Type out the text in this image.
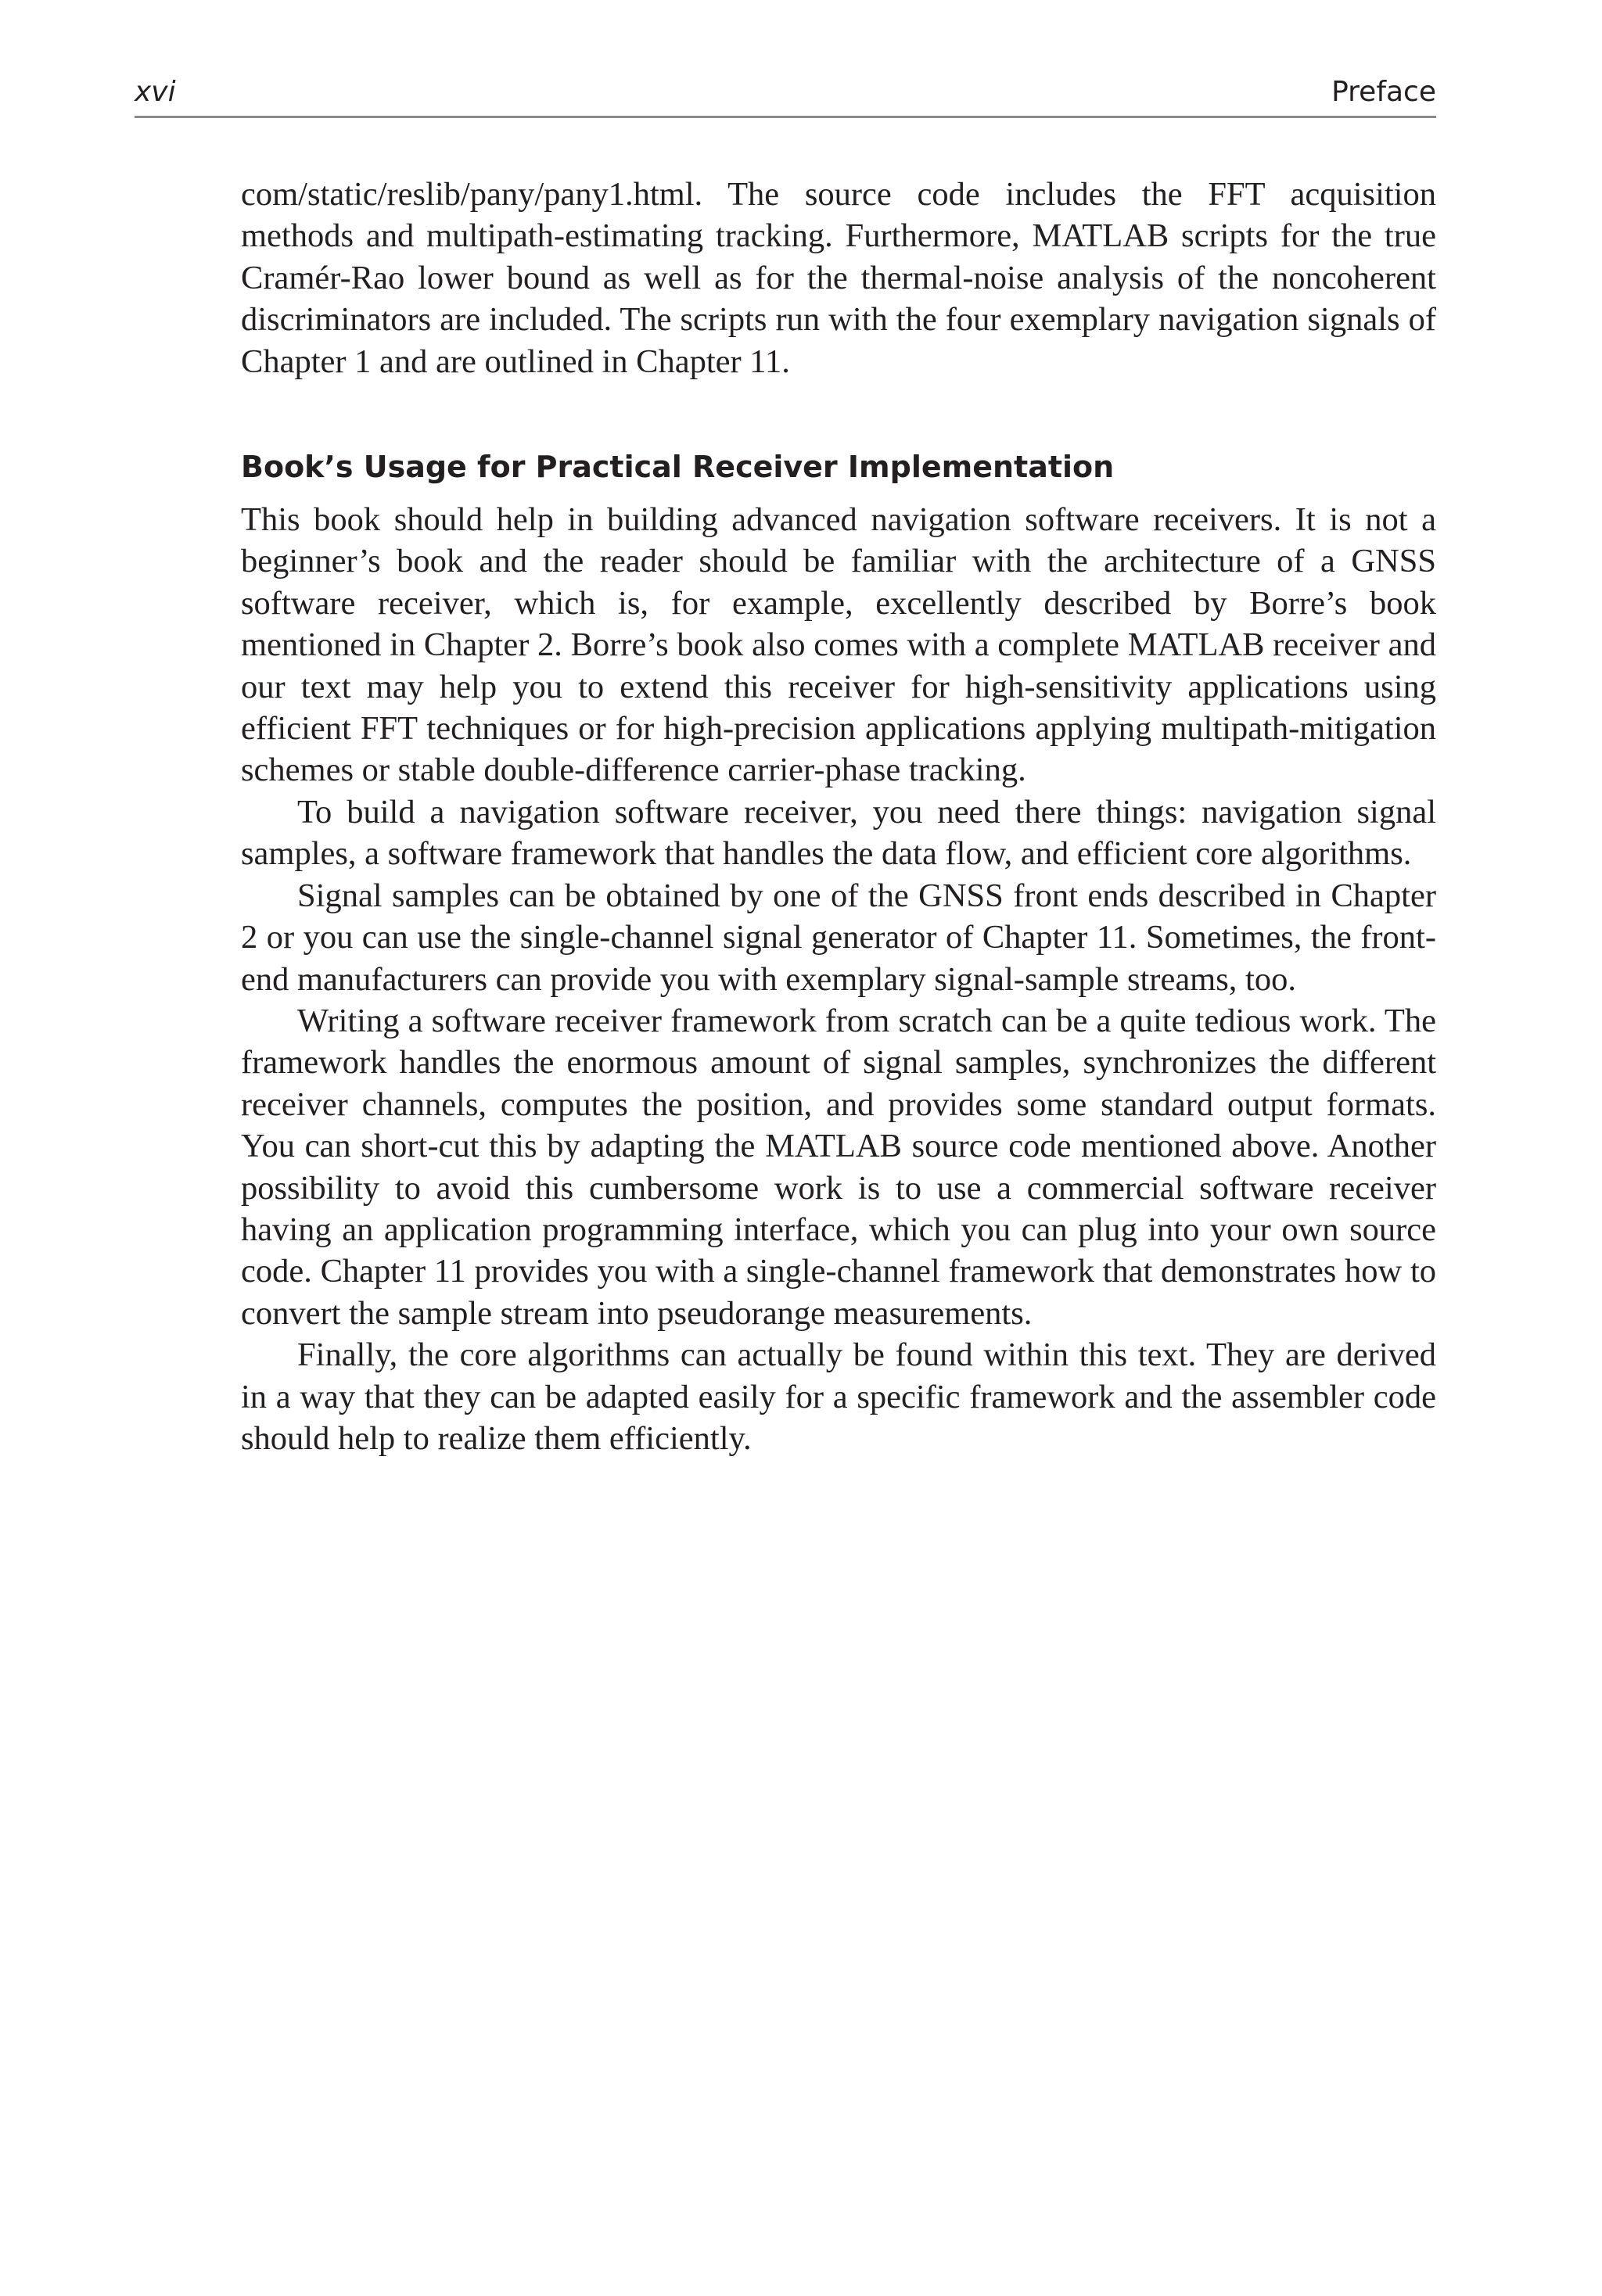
xvi	Preface

com/static/reslib/pany/pany1.html. The source code includes the FFT acquisition methods and multipath-estimating tracking. Furthermore, MATLAB scripts for the true Cramér-Rao lower bound as well as for the thermal-noise analysis of the noncoherent discriminators are included. The scripts run with the four exemplary navigation signals of Chapter 1 and are outlined in Chapter 11.

Book’s Usage for Practical Receiver Implementation

This book should help in building advanced navigation software receivers. It is not a beginner’s book and the reader should be familiar with the architecture of a GNSS software receiver, which is, for example, excellently described by Borre’s book mentioned in Chapter 2. Borre’s book also comes with a complete MATLAB receiver and our text may help you to extend this receiver for high-sensitivity applications using efficient FFT techniques or for high-precision applications applying multipath-mitigation schemes or stable double-difference carrier-phase tracking.

To build a navigation software receiver, you need there things: navigation signal samples, a software framework that handles the data flow, and efficient core algorithms.

Signal samples can be obtained by one of the GNSS front ends described in Chapter 2 or you can use the single-channel signal generator of Chapter 11. Sometimes, the front-end manufacturers can provide you with exemplary signal-sample streams, too.

Writing a software receiver framework from scratch can be a quite tedious work. The framework handles the enormous amount of signal samples, synchronizes the different receiver channels, computes the position, and provides some standard output formats. You can short-cut this by adapting the MATLAB source code mentioned above. Another possibility to avoid this cumbersome work is to use a commercial software receiver having an application programming interface, which you can plug into your own source code. Chapter 11 provides you with a single-channel framework that demonstrates how to convert the sample stream into pseudorange measurements.

Finally, the core algorithms can actually be found within this text. They are derived in a way that they can be adapted easily for a specific framework and the assembler code should help to realize them efficiently.
